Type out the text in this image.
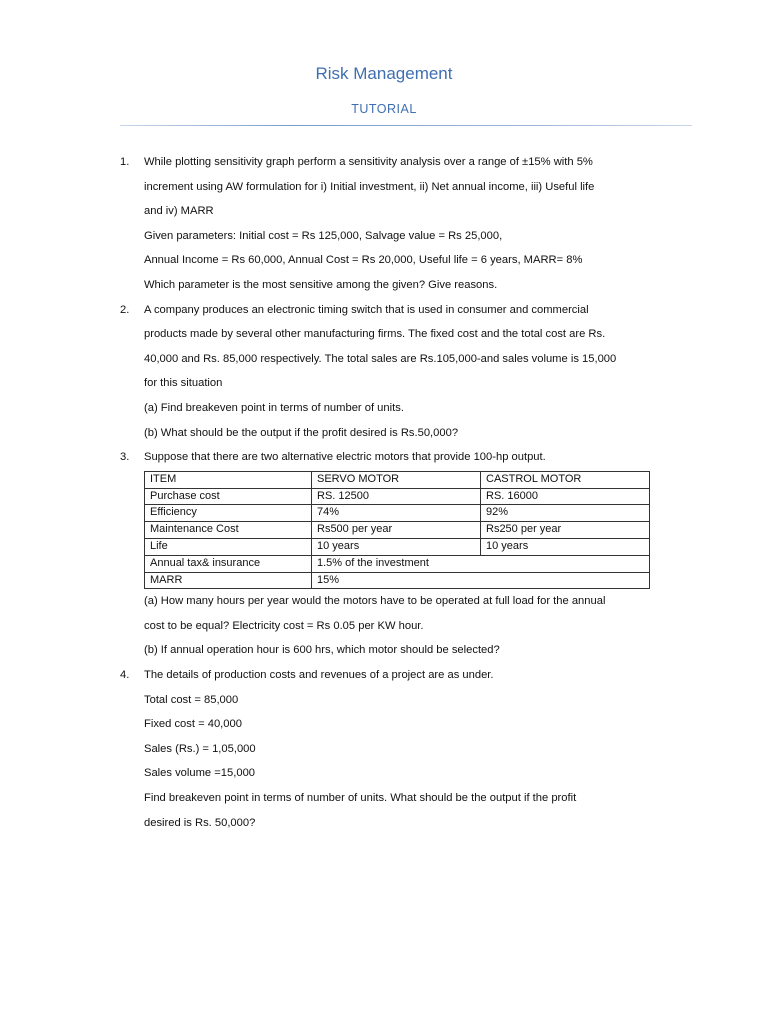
Risk Management
TUTORIAL
1. While plotting sensitivity graph perform a sensitivity analysis over a range of ±15% with 5%
increment using AW formulation for i) Initial investment, ii) Net annual income, iii) Useful life
and iv) MARR
Given parameters: Initial cost = Rs 125,000, Salvage value = Rs 25,000,
Annual Income = Rs 60,000, Annual Cost = Rs 20,000, Useful life = 6 years, MARR= 8%
Which parameter is the most sensitive among the given? Give reasons.
2. A company produces an electronic timing switch that is used in consumer and commercial
products made by several other manufacturing firms. The fixed cost and the total cost are Rs.
40,000 and Rs. 85,000 respectively. The total sales are Rs.105,000-and sales volume is 15,000
for this situation
(a) Find breakeven point in terms of number of units.
(b) What should be the output if the profit desired is Rs.50,000?
3. Suppose that there are two alternative electric motors that provide 100-hp output.
ITEM	SERVO MOTOR	CASTROL MOTOR
Purchase cost	RS. 12500	RS. 16000
Efficiency	74%	92%
Maintenance Cost	Rs500 per year	Rs250 per year
Life	10 years	10 years
Annual tax& insurance	1.5% of the investment	
MARR	15%	
(a) How many hours per year would the motors have to be operated at full load for the annual
cost to be equal? Electricity cost = Rs 0.05 per KW hour.
(b) If annual operation hour is 600 hrs, which motor should be selected?
4. The details of production costs and revenues of a project are as under.
Total cost = 85,000
Fixed cost = 40,000
Sales (Rs.) = 1,05,000
Sales volume =15,000
Find breakeven point in terms of number of units. What should be the output if the profit
desired is Rs. 50,000?
